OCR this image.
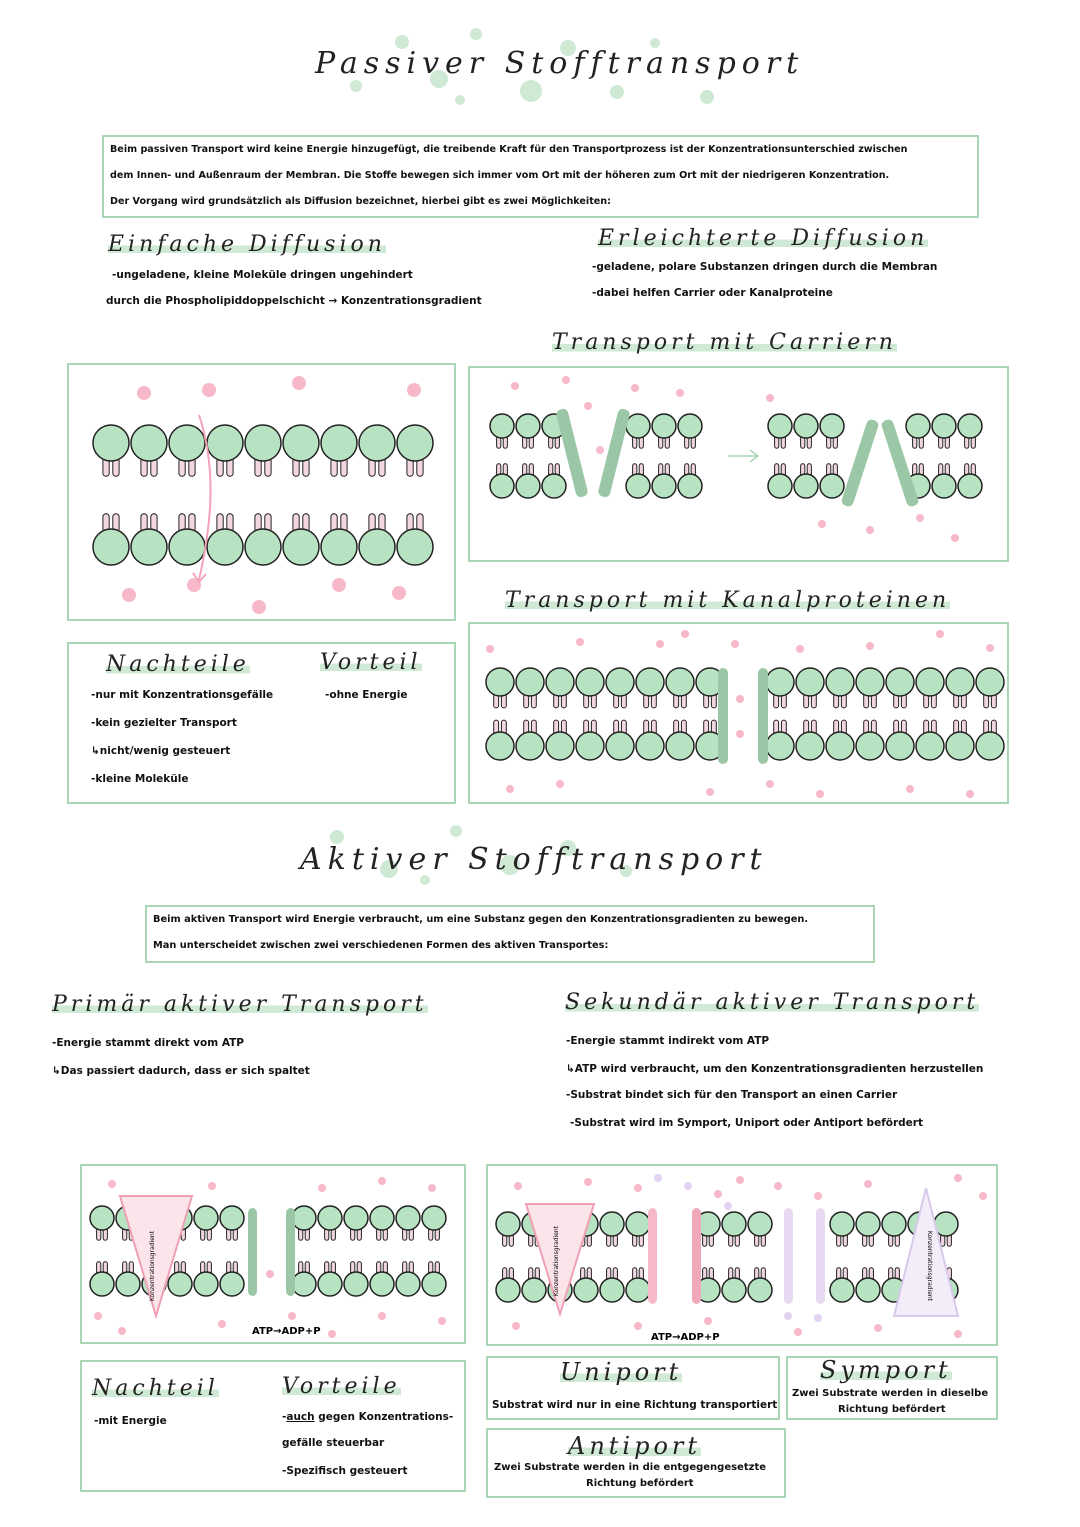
Passiver Stofftransport
Beim passiven Transport wird keine Energie hinzugefügt, die treibende Kraft für den Transportprozess ist der Konzentrationsunterschied zwischen
dem Innen- und Außenraum der Membran. Die Stoffe bewegen sich immer vom Ort mit der höheren zum Ort mit der niedrigeren Konzentration.
Der Vorgang wird grundsätzlich als Diffusion bezeichnet, hierbei gibt es zwei Möglichkeiten:
Einfache Diffusion
-ungeladene, kleine Moleküle dringen ungehindert
durch die Phospholipiddoppelschicht → Konzentrationsgradient
Erleichterte Diffusion
-geladene, polare Substanzen dringen durch die Membran
-dabei helfen Carrier oder Kanalproteine
Transport mit Carriern
Transport mit Kanalproteinen
Nachteile	Vorteil
-nur mit Konzentrationsgefälle
-kein gezielter Transport
↳nicht/wenig gesteuert
-kleine Moleküle
-ohne Energie
Aktiver Stofftransport
Beim aktiven Transport wird Energie verbraucht, um eine Substanz gegen den Konzentrationsgradienten zu bewegen.
Man unterscheidet zwischen zwei verschiedenen Formen des aktiven Transportes:
Primär aktiver Transport
-Energie stammt direkt vom ATP
↳Das passiert dadurch, dass er sich spaltet
Sekundär aktiver Transport
-Energie stammt indirekt vom ATP
↳ATP wird verbraucht, um den Konzentrationsgradienten herzustellen
-Substrat bindet sich für den Transport an einen Carrier
-Substrat wird im Symport, Uniport oder Antiport befördert
Konzentrationsgradient
ATP→ADP+P
Konzentrationsgradient	Konzentrationsgradient
ATP→ADP+P
Nachteil	Vorteile
-mit Energie	-auch gegen Konzentrations-
gefälle steuerbar
-Spezifisch gesteuert
Uniport
Substrat wird nur in eine Richtung transportiert
Symport
Zwei Substrate werden in dieselbe
Richtung befördert
Antiport
Zwei Substrate werden in die entgegengesetzte
Richtung befördert
